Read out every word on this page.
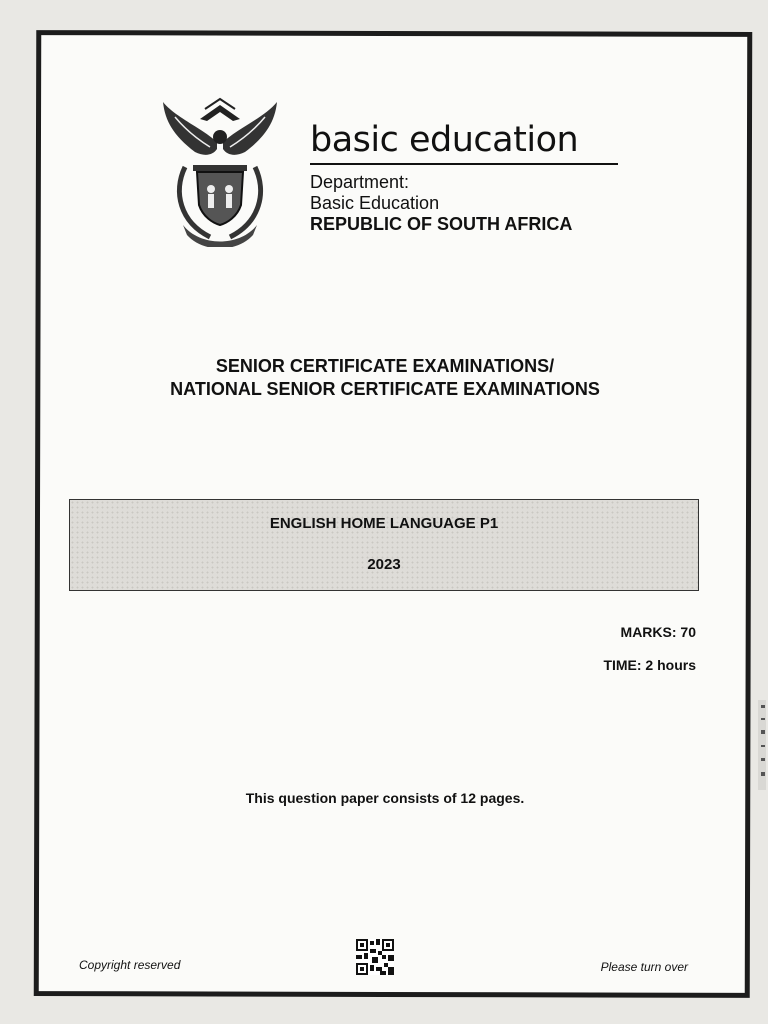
basic education
Department:
Basic Education
REPUBLIC OF SOUTH AFRICA
SENIOR CERTIFICATE EXAMINATIONS/
NATIONAL SENIOR CERTIFICATE EXAMINATIONS
ENGLISH HOME LANGUAGE P1
2023
MARKS: 70
TIME: 2 hours
This question paper consists of 12 pages.
Copyright reserved	Please turn over
